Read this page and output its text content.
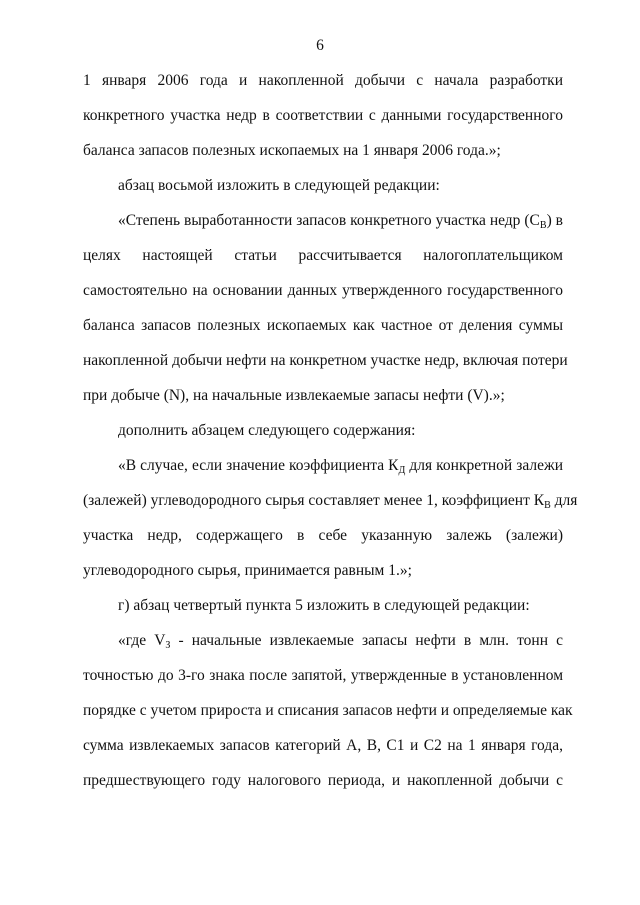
6
1 января 2006 года и накопленной добычи с начала разработки
конкретного участка недр в соответствии с данными государственного
баланса запасов полезных ископаемых на 1 января 2006 года.»;
абзац восьмой изложить в следующей редакции:
«Степень выработанности запасов конкретного участка недр $(С_В)$ в
целях настоящей статьи рассчитывается налогоплательщиком
самостоятельно на основании данных утвержденного государственного
баланса запасов полезных ископаемых как частное от деления суммы
накопленной добычи нефти на конкретном участке недр, включая потери
при добыче (N), на начальные извлекаемые запасы нефти (V).»;
дополнить абзацем следующего содержания:
«В случае, если значение коэффициента $К_Д$ для конкретной залежи
(залежей) углеводородного сырья составляет менее 1, коэффициент $К_В$ для
участка недр, содержащего в себе указанную залежь (залежи)
углеводородного сырья, принимается равным 1.»;
г) абзац четвертый пункта 5 изложить в следующей редакции:
«где $V_З$ - начальные извлекаемые запасы нефти в млн. тонн с
точностью до 3-го знака после запятой, утвержденные в установленном
порядке с учетом прироста и списания запасов нефти и определяемые как
сумма извлекаемых запасов категорий А, В, С1 и С2 на 1 января года,
предшествующего году налогового периода, и накопленной добычи с
